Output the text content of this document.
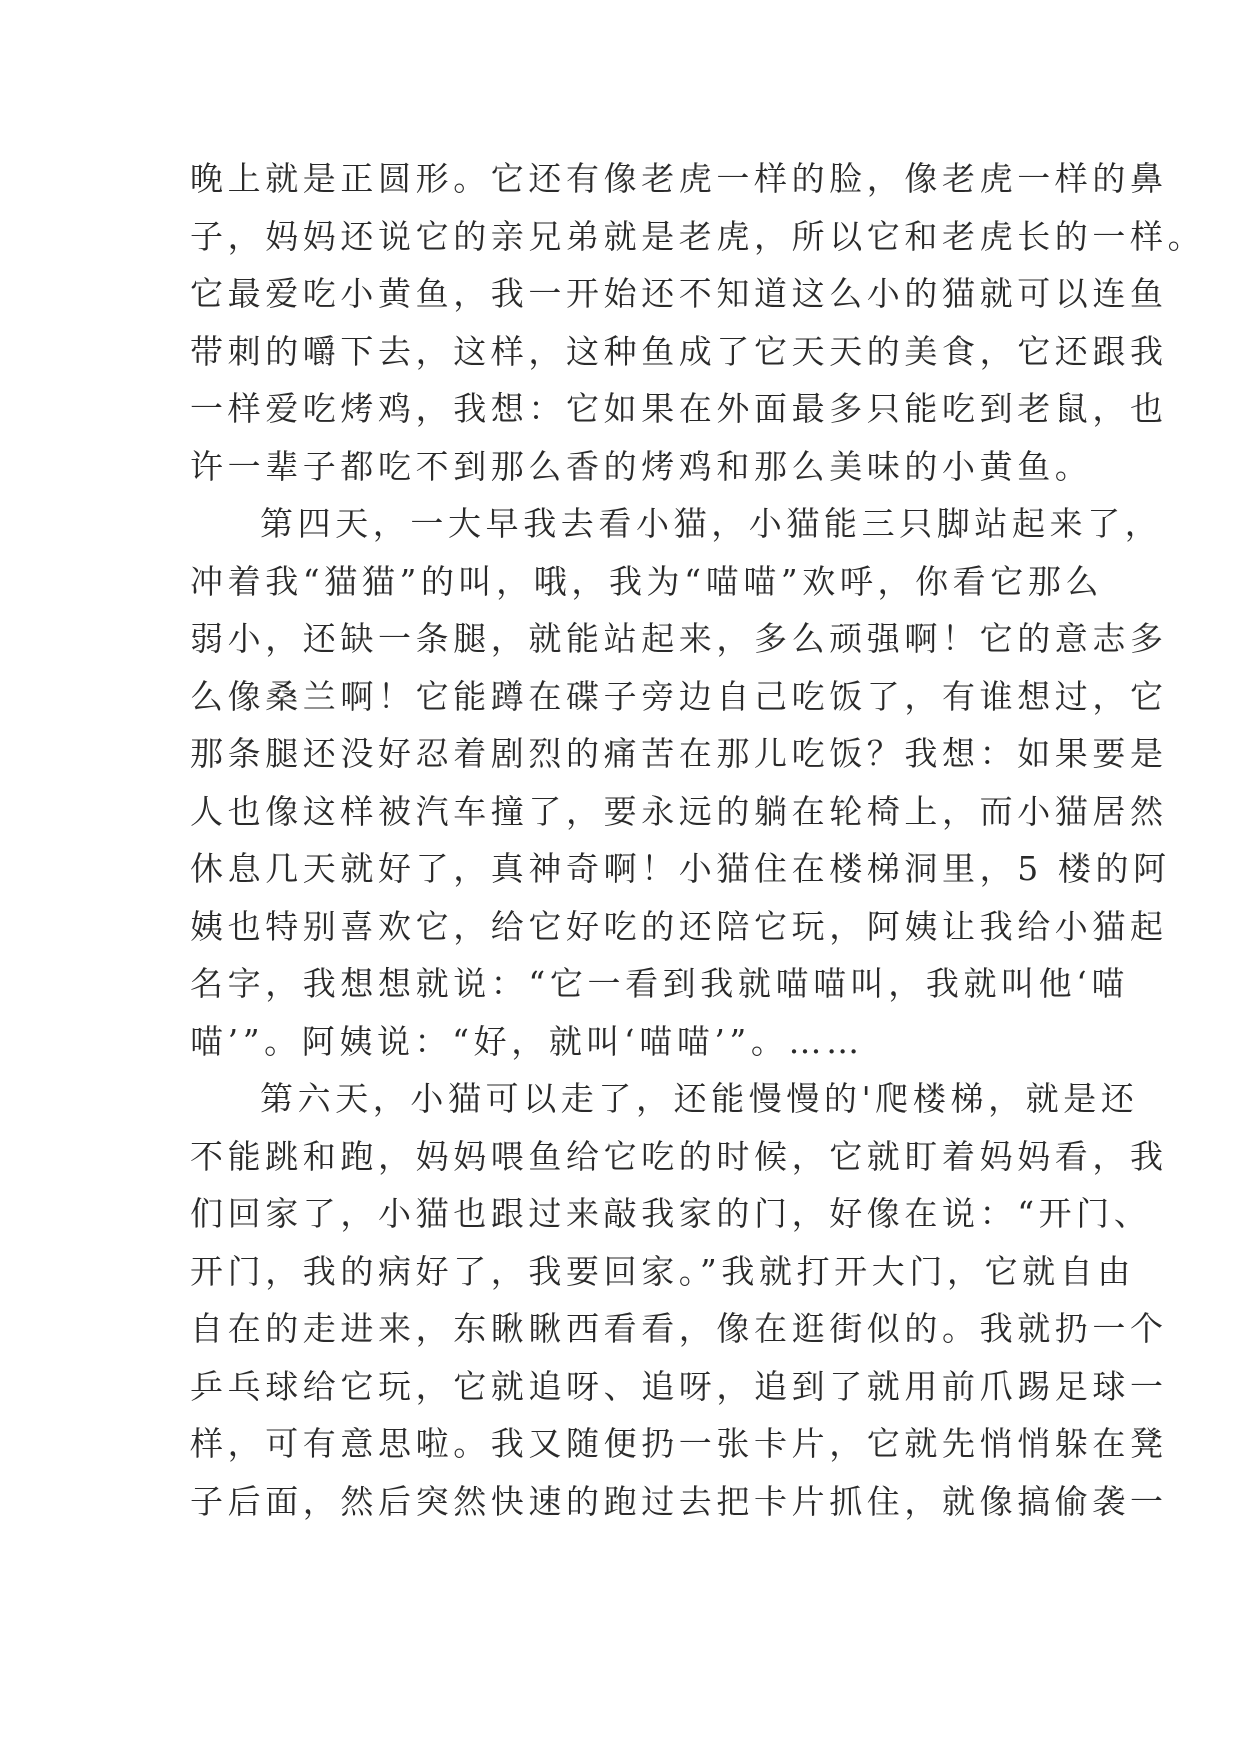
晚上就是正圆形。它还有像老虎一样的脸，像老虎一样的鼻
子，妈妈还说它的亲兄弟就是老虎，所以它和老虎长的一样。
它最爱吃小黄鱼，我一开始还不知道这么小的猫就可以连鱼
带刺的嚼下去，这样，这种鱼成了它天天的美食，它还跟我
一样爱吃烤鸡，我想：它如果在外面最多只能吃到老鼠，也
许一辈子都吃不到那么香的烤鸡和那么美味的小黄鱼。
第四天，一大早我去看小猫，小猫能三只脚站起来了，
冲着我“猫猫”的叫，哦，我为“喵喵”欢呼，你看它那么
弱小，还缺一条腿，就能站起来，多么顽强啊！它的意志多
么像桑兰啊！它能蹲在碟子旁边自己吃饭了，有谁想过，它
那条腿还没好忍着剧烈的痛苦在那儿吃饭？我想：如果要是
人也像这样被汽车撞了，要永远的躺在轮椅上，而小猫居然
休息几天就好了，真神奇啊！小猫住在楼梯洞里，5 楼的阿
姨也特别喜欢它，给它好吃的还陪它玩，阿姨让我给小猫起
名字，我想想就说：“它一看到我就喵喵叫，我就叫他‘喵
喵’”。阿姨说：“好，就叫‘喵喵’”。……
第六天，小猫可以走了，还能慢慢的'爬楼梯，就是还
不能跳和跑，妈妈喂鱼给它吃的时候，它就盯着妈妈看，我
们回家了，小猫也跟过来敲我家的门，好像在说：“开门、
开门，我的病好了，我要回家。”我就打开大门，它就自由
自在的走进来，东瞅瞅西看看，像在逛街似的。我就扔一个
乒乓球给它玩，它就追呀、追呀，追到了就用前爪踢足球一
样，可有意思啦。我又随便扔一张卡片，它就先悄悄躲在凳
子后面，然后突然快速的跑过去把卡片抓住，就像搞偷袭一
